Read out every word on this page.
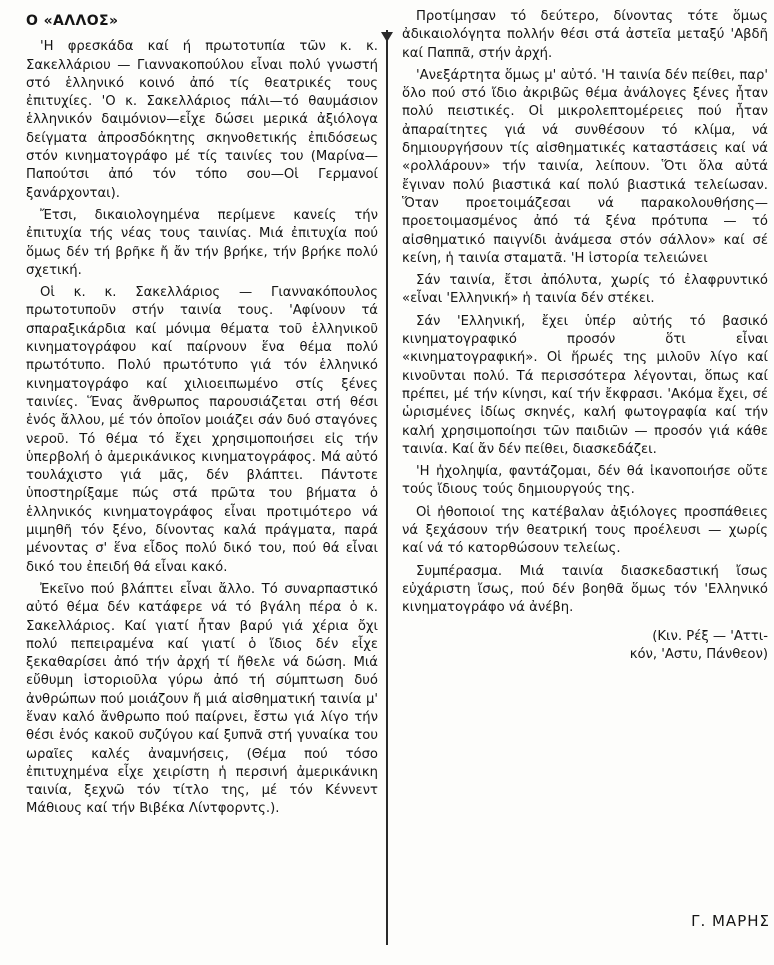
Ο «ΑΛΛΟΣ»

'Η φρεσκάδα καί ή πρωτοτυπία τῶν κ. κ. Σακελλάριου — Γιαννακοπούλου εἶναι πολύ γνωστή στό ἑλληνικό κοινό ἀπό τίς θεατρικές τους ἐπιτυχίες. 'Ο κ. Σακελλάριος πάλι—τό θαυμάσιον ἑλληνικόν δαιμόνιον—εἶχε δώσει μερικά ἀξιόλογα δείγματα ἀπροσδόκητης σκηνοθετικής ἐπιδόσεως στόν κινηματογράφο μέ τίς ταινίες του (Μαρίνα—Παπούτσι ἀπό τόν τόπο σου—Οἱ Γερμανοί ξανάρχονται).

Ἔτσι, δικαιολογημένα περίμενε κανείς τήν ἐπιτυχία τής νέας τους ταινίας. Μιά ἐπιτυχία πού ὅμως δέν τή βρῆκε ἤ ἄν τήν βρήκε, τήν βρήκε πολύ σχετική.

Οἱ κ. κ. Σακελλάριος — Γιαννακόπουλος πρωτοτυποῦν στήν ταινία τους. 'Αφίνουν τά σπαραξικάρδια καί μόνιμα θέματα τοῦ ἑλληνικοῦ κινηματογράφου καί παίρνουν ἕνα θέμα πολύ πρωτότυπο. Πολύ πρωτότυπο γιά τόν ἑλληνικό κινηματογράφο καί χιλιοειπωμένο στίς ξένες ταινίες. Ἕνας ἄνθρωπος παρουσιάζεται στή θέσι ἑνός ἄλλου, μέ τόν ὁποῖον μοιάζει σάν δυό σταγόνες νεροῦ. Τό θέμα τό ἔχει χρησιμοποιήσει εἰς τήν ὑπερβολή ὁ ἀμερικάνικος κινηματογράφος. Μά αὐτό τουλάχιστο γιά μᾶς, δέν βλάπτει. Πάντοτε ὑποστηρίξαμε πώς στά πρῶτα του βήματα ὁ ἑλληνικός κινηματογράφος εἶναι προτιμότερο νά μιμηθῆ τόν ξένο, δίνοντας καλά πράγματα, παρά μένοντας σ' ἕνα εἶδος πολύ δικό του, πού θά εἶναι δικό του ἐπειδή θά εἶναι κακό.

Ἐκεῖνο πού βλάπτει εἶναι ἄλλο. Τό συναρπαστικό αὐτό θέμα δέν κατάφερε νά τό βγάλη πέρα ὁ κ. Σακελλάριος. Καί γιατί ἦταν βαρύ γιά χέρια ὄχι πολύ πεπειραμένα καί γιατί ὁ ἴδιος δέν εἶχε ξεκαθαρίσει ἀπό τήν ἀρχή τί ἤθελε νά δώση. Μιά εὔθυμη ἱστοριοῦλα γύρω ἀπό τή σύμπτωση δυό ἀνθρώπων πού μοιάζουν ἤ μιά αἰσθηματική ταινία μ' ἕναν καλό ἄνθρωπο πού παίρνει, ἔστω γιά λίγο τήν θέσι ἑνός κακοῦ συζύγου καί ξυπνᾶ στή γυναίκα του ωραῖες καλές ἀναμνήσεις, (Θέμα πού τόσο ἐπιτυχημένα εἶχε χειρίστη ἡ περσινή ἀμερικάνικη ταινία, ξεχνῶ τόν τίτλο της, μέ τόν Κέννεντ Μάθιους καί τήν Βιβέκα Λίντφορντς.).

Προτίμησαν τό δεύτερο, δίνοντας τότε ὅμως ἀδικαιολόγητα πολλήν θέσι στά ἀστεῖα μεταξύ 'Αβδῆ καί Παππᾶ, στήν ἀρχή.

'Ανεξάρτητα ὅμως μ' αὐτό. 'Η ταινία δέν πείθει, παρ' ὅλο πού στό ἴδιο ἀκριβῶς θέμα ἀνάλογες ξένες ἦταν πολύ πειστικές. Οἱ μικρολεπτομέρειες πού ἦταν ἀπαραίτητες γιά νά συνθέσουν τό κλίμα, νά δημιουργήσουν τίς αἰσθηματικές καταστάσεις καί νά «ρολλάρουν» τήν ταινία, λείπουν. Ὅτι ὅλα αὐτά ἔγιναν πολύ βιαστικά καί πολύ βιαστικά τελείωσαν. Ὅταν προετοιμάζεσαι νά παρακολουθήσης—προετοιμασμένος ἀπό τά ξένα πρότυπα — τό αἰσθηματικό παιγνίδι ἀνάμεσα στόν σάλλον» καί σέ κείνη, ἡ ταινία σταματᾶ. 'Η ἱστορία τελειώνει

Σάν ταινία, ἔτσι ἀπόλυτα, χωρίς τό ἐλαφρυντικό «εἶναι 'Ελληνική» ἡ ταινία δέν στέκει.

Σάν 'Ελληνική, ἔχει ὑπέρ αὐτής τό βασικό κινηματογραφικό προσόν ὅτι εἶναι «κινηματογραφική». Οἱ ἥρωές της μιλοῦν λίγο καί κινοῦνται πολύ. Τά περισσότερα λέγονται, ὅπως καί πρέπει, μέ τήν κίνησι, καί τήν ἔκφρασι. 'Ακόμα ἔχει, σέ ὡρισμένες ἰδίως σκηνές, καλή φωτογραφία καί τήν καλή χρησιμοποίησι τῶν παιδιῶν — προσόν γιά κάθε ταινία. Καί ἄν δέν πείθει, διασκεδάζει.

'Η ἠχοληψία, φαντάζομαι, δέν θά ἱκανοποιήσε οὔτε τούς ἴδιους τούς δημιουργούς της.

Οἱ ἠθοποιοί της κατέβαλαν ἀξιόλογες προσπάθειες νά ξεχάσουν τήν θεατρική τους προέλευσι — χωρίς καί νά τό κατορθώσουν τελείως.

Συμπέρασμα. Μιά ταινία διασκεδαστική ἴσως εὐχάριστη ἴσως, πού δέν βοηθᾶ ὅμως τόν 'Ελληνικό κινηματογράφο νά ἀνέβη.

(Κιν. Ρέξ — 'Αττι-
κόν, 'Αστυ, Πάνθεον)
Γ. ΜΑΡΗΣ
